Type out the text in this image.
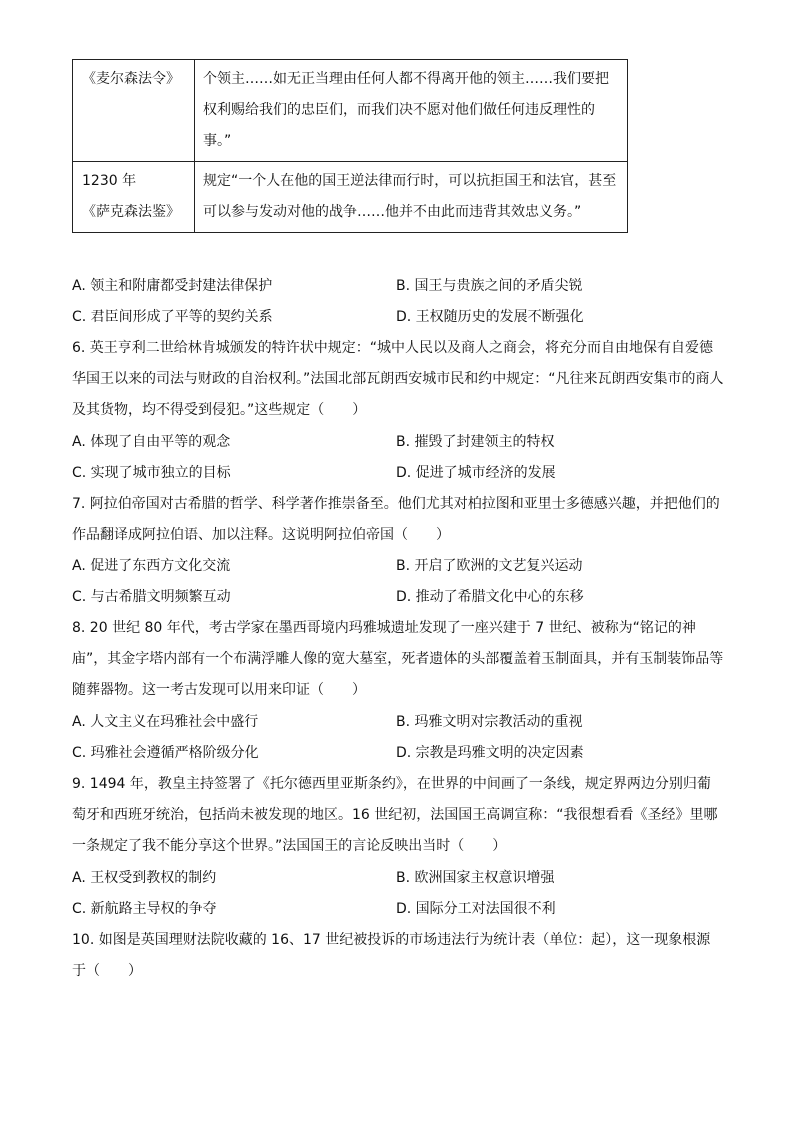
《麦尔森法令》	个领主……如无正当理由任何人都不得离开他的领主……我们要把权利赐给我们的忠臣们，而我们决不愿对他们做任何违反理性的事。”

1230 年
《萨克森法鉴》	规定“一个人在他的国王逆法律而行时，可以抗拒国王和法官，甚至可以参与发动对他的战争……他并不由此而违背其效忠义务。”
A. 领主和附庸都受封建法律保护	B. 国王与贵族之间的矛盾尖锐
C. 君臣间形成了平等的契约关系	D. 王权随历史的发展不断强化

6. 英王亨利二世给林肯城颁发的特许状中规定：“城中人民以及商人之商会，将充分而自由地保有自爱德华国王以来的司法与财政的自治权利。”法国北部瓦朗西安城市民和约中规定：“凡往来瓦朗西安集市的商人及其货物，均不得受到侵犯。”这些规定（　　）

A. 体现了自由平等的观念	B. 摧毁了封建领主的特权
C. 实现了城市独立的目标	D. 促进了城市经济的发展

7. 阿拉伯帝国对古希腊的哲学、科学著作推崇备至。他们尤其对柏拉图和亚里士多德感兴趣，并把他们的作品翻译成阿拉伯语、加以注释。这说明阿拉伯帝国（　　）

A. 促进了东西方文化交流	B. 开启了欧洲的文艺复兴运动
C. 与古希腊文明频繁互动	D. 推动了希腊文化中心的东移

8. 20 世纪 80 年代，考古学家在墨西哥境内玛雅城遗址发现了一座兴建于 7 世纪、被称为“铭记的神庙”，其金字塔内部有一个布满浮雕人像的宽大墓室，死者遗体的头部覆盖着玉制面具，并有玉制装饰品等随葬器物。这一考古发现可以用来印证（　　）

A. 人文主义在玛雅社会中盛行	B. 玛雅文明对宗教活动的重视
C. 玛雅社会遵循严格阶级分化	D. 宗教是玛雅文明的决定因素

9. 1494 年，教皇主持签署了《托尔德西里亚斯条约》，在世界的中间画了一条线，规定界两边分别归葡萄牙和西班牙统治，包括尚未被发现的地区。16 世纪初，法国国王高调宣称：“我很想看看《圣经》里哪一条规定了我不能分享这个世界。”法国国王的言论反映出当时（　　）

A. 王权受到教权的制约	B. 欧洲国家主权意识增强
C. 新航路主导权的争夺	D. 国际分工对法国很不利

10. 如图是英国理财法院收藏的 16、17 世纪被投诉的市场违法行为统计表（单位：起），这一现象根源于（　　）
